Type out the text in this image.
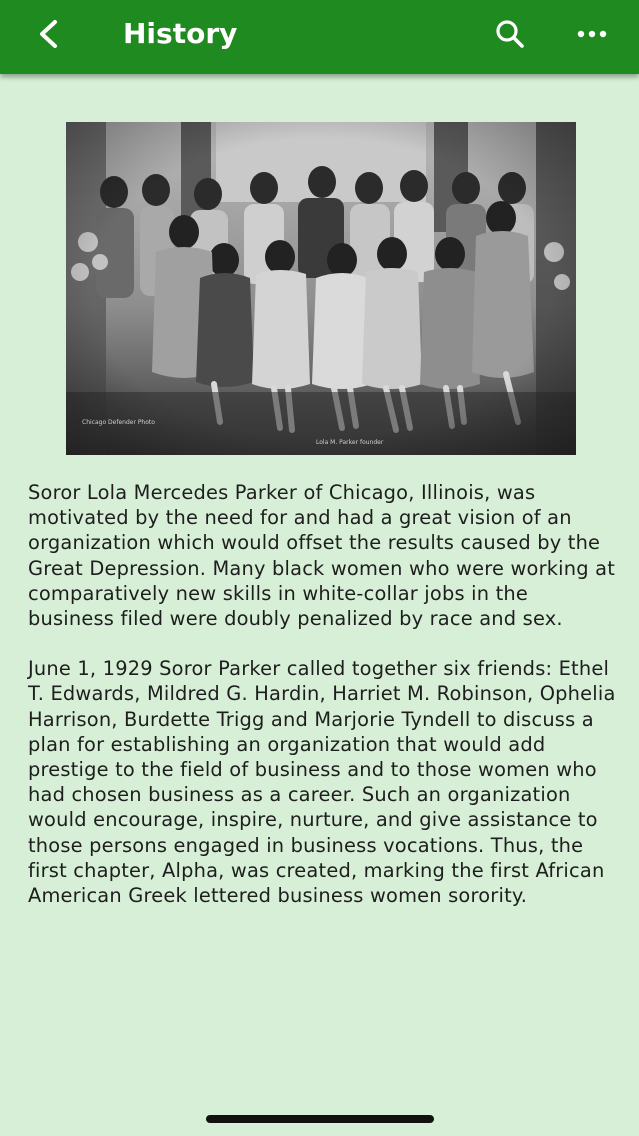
History
Chicago Defender Photo
Lola M. Parker founder

Soror Lola Mercedes Parker of Chicago, Illinois, was motivated by the need for and had a great vision of an organization which would offset the results caused by the Great Depression. Many black women who were working at comparatively new skills in white-collar jobs in the business filed were doubly penalized by race and sex.

June 1, 1929 Soror Parker called together six friends: Ethel T. Edwards, Mildred G. Hardin, Harriet M. Robinson, Ophelia Harrison, Burdette Trigg and Marjorie Tyndell to discuss a plan for establishing an organization that would add prestige to the field of business and to those women who had chosen business as a career. Such an organization would encourage, inspire, nurture, and give assistance to those persons engaged in business vocations. Thus, the first chapter, Alpha, was created, marking the first African American Greek lettered business women sorority.
